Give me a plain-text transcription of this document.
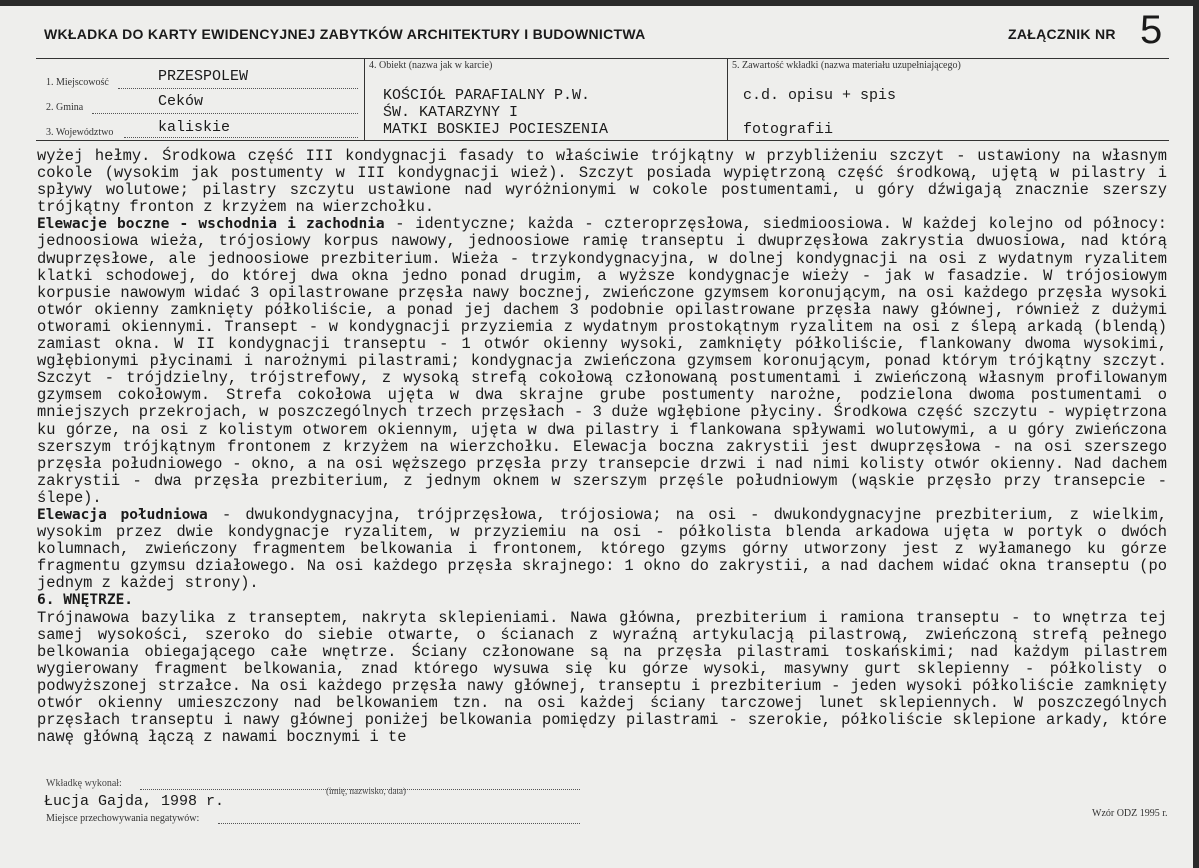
WKŁADKA DO KARTY EWIDENCYJNEJ ZABYTKÓW ARCHITEKTURY I BUDOWNICTWA	ZAŁĄCZNIK NR 5
1. Miejscowość	PRZESPOLEW
2. Gmina	Ceków
3. Województwo	kaliskie
4. Obiekt (nazwa jak w karcie)
KOŚCIÓŁ PARAFIALNY P.W.
ŚW. KATARZYNY I
MATKI BOSKIEJ POCIESZENIA
5. Zawartość wkładki (nazwa materiału uzupełniającego)
c.d. opisu + spis
fotografii

wyżej hełmy. Środkowa część III kondygnacji fasady to właściwie trójkątny w przybliżeniu szczyt - ustawiony na własnym cokole (wysokim jak postumenty w III kondygnacji wież). Szczyt posiada wypiętrzoną część środkową, ujętą w pilastry i spływy wolutowe; pilastry szczytu ustawione nad wyróżnionymi w cokole postumentami, u góry dźwigają znacznie szerszy trójkątny fronton z krzyżem na wierzchołku.

Elewacje boczne - wschodnia i zachodnia - identyczne; każda - czteroprzęsłowa, siedmioosiowa. W każdej kolejno od północy: jednoosiowa wieża, trójosiowy korpus nawowy, jednoosiowe ramię transeptu i dwuprzęsłowa zakrystia dwuosiowa, nad którą dwuprzęsłowe, ale jednoosiowe prezbiterium. Wieża - trzykondygnacyjna, w dolnej kondygnacji na osi z wydatnym ryzalitem klatki schodowej, do której dwa okna jedno ponad drugim, a wyższe kondygnacje wieży - jak w fasadzie. W trójosiowym korpusie nawowym widać 3 opilastrowane przęsła nawy bocznej, zwieńczone gzymsem koronującym, na osi każdego przęsła wysoki otwór okienny zamknięty półkoliście, a ponad jej dachem 3 podobnie opilastrowane przęsła nawy głównej, również z dużymi otworami okiennymi. Transept - w kondygnacji przyziemia z wydatnym prostokątnym ryzalitem na osi z ślepą arkadą (blendą) zamiast okna. W II kondygnacji transeptu - 1 otwór okienny wysoki, zamknięty półkoliście, flankowany dwoma wysokimi, wgłębionymi płycinami i narożnymi pilastrami; kondygnacja zwieńczona gzymsem koronującym, ponad którym trójkątny szczyt. Szczyt - trójdzielny, trójstrefowy, z wysoką strefą cokołową członowaną postumentami i zwieńczoną własnym profilowanym gzymsem cokołowym. Strefa cokołowa ujęta w dwa skrajne grube postumenty narożne, podzielona dwoma postumentami o mniejszych przekrojach, w poszczególnych trzech przęsłach - 3 duże wgłębione płyciny. Środkowa część szczytu - wypiętrzona ku górze, na osi z kolistym otworem okiennym, ujęta w dwa pilastry i flankowana spływami wolutowymi, a u góry zwieńczona szerszym trójkątnym frontonem z krzyżem na wierzchołku. Elewacja boczna zakrystii jest dwuprzęsłowa - na osi szerszego przęsła południowego - okno, a na osi węższego przęsła przy transepcie drzwi i nad nimi kolisty otwór okienny. Nad dachem zakrystii - dwa przęsła prezbiterium, z jednym oknem w szerszym przęśle południowym (wąskie przęsło przy transepcie - ślepe).

Elewacja południowa - dwukondygnacyjna, trójprzęsłowa, trójosiowa; na osi - dwukondygnacyjne prezbiterium, z wielkim, wysokim przez dwie kondygnacje ryzalitem, w przyziemiu na osi - półkolista blenda arkadowa ujęta w portyk o dwóch kolumnach, zwieńczony fragmentem belkowania i frontonem, którego gzyms górny utworzony jest z wyłamanego ku górze fragmentu gzymsu działowego. Na osi każdego przęsła skrajnego: 1 okno do zakrystii, a nad dachem widać okna transeptu (po jednym z każdej strony).

6. WNĘTRZE.

Trójnawowa bazylika z transeptem, nakryta sklepieniami. Nawa główna, prezbiterium i ramiona transeptu - to wnętrza tej samej wysokości, szeroko do siebie otwarte, o ścianach z wyraźną artykulacją pilastrową, zwieńczoną strefą pełnego belkowania obiegającego całe wnętrze. Ściany członowane są na przęsła pilastrami toskańskimi; nad każdym pilastrem wygierowany fragment belkowania, znad którego wysuwa się ku górze wysoki, masywny gurt sklepienny - półkolisty o podwyższonej strzałce. Na osi każdego przęsła nawy głównej, transeptu i prezbiterium - jeden wysoki półkoliście zamknięty otwór okienny umieszczony nad belkowaniem tzn. na osi każdej ściany tarczowej lunet sklepiennych. W poszczególnych przęsłach transeptu i nawy głównej poniżej belkowania pomiędzy pilastrami - szerokie, półkoliście sklepione arkady, które nawę główną łączą z nawami bocznymi i te

Wkładkę wykonał:
(imię, nazwisko, data)
Łucja Gajda, 1998 r.
Miejsce przechowywania negatywów:	Wzór ODZ 1995 r.
